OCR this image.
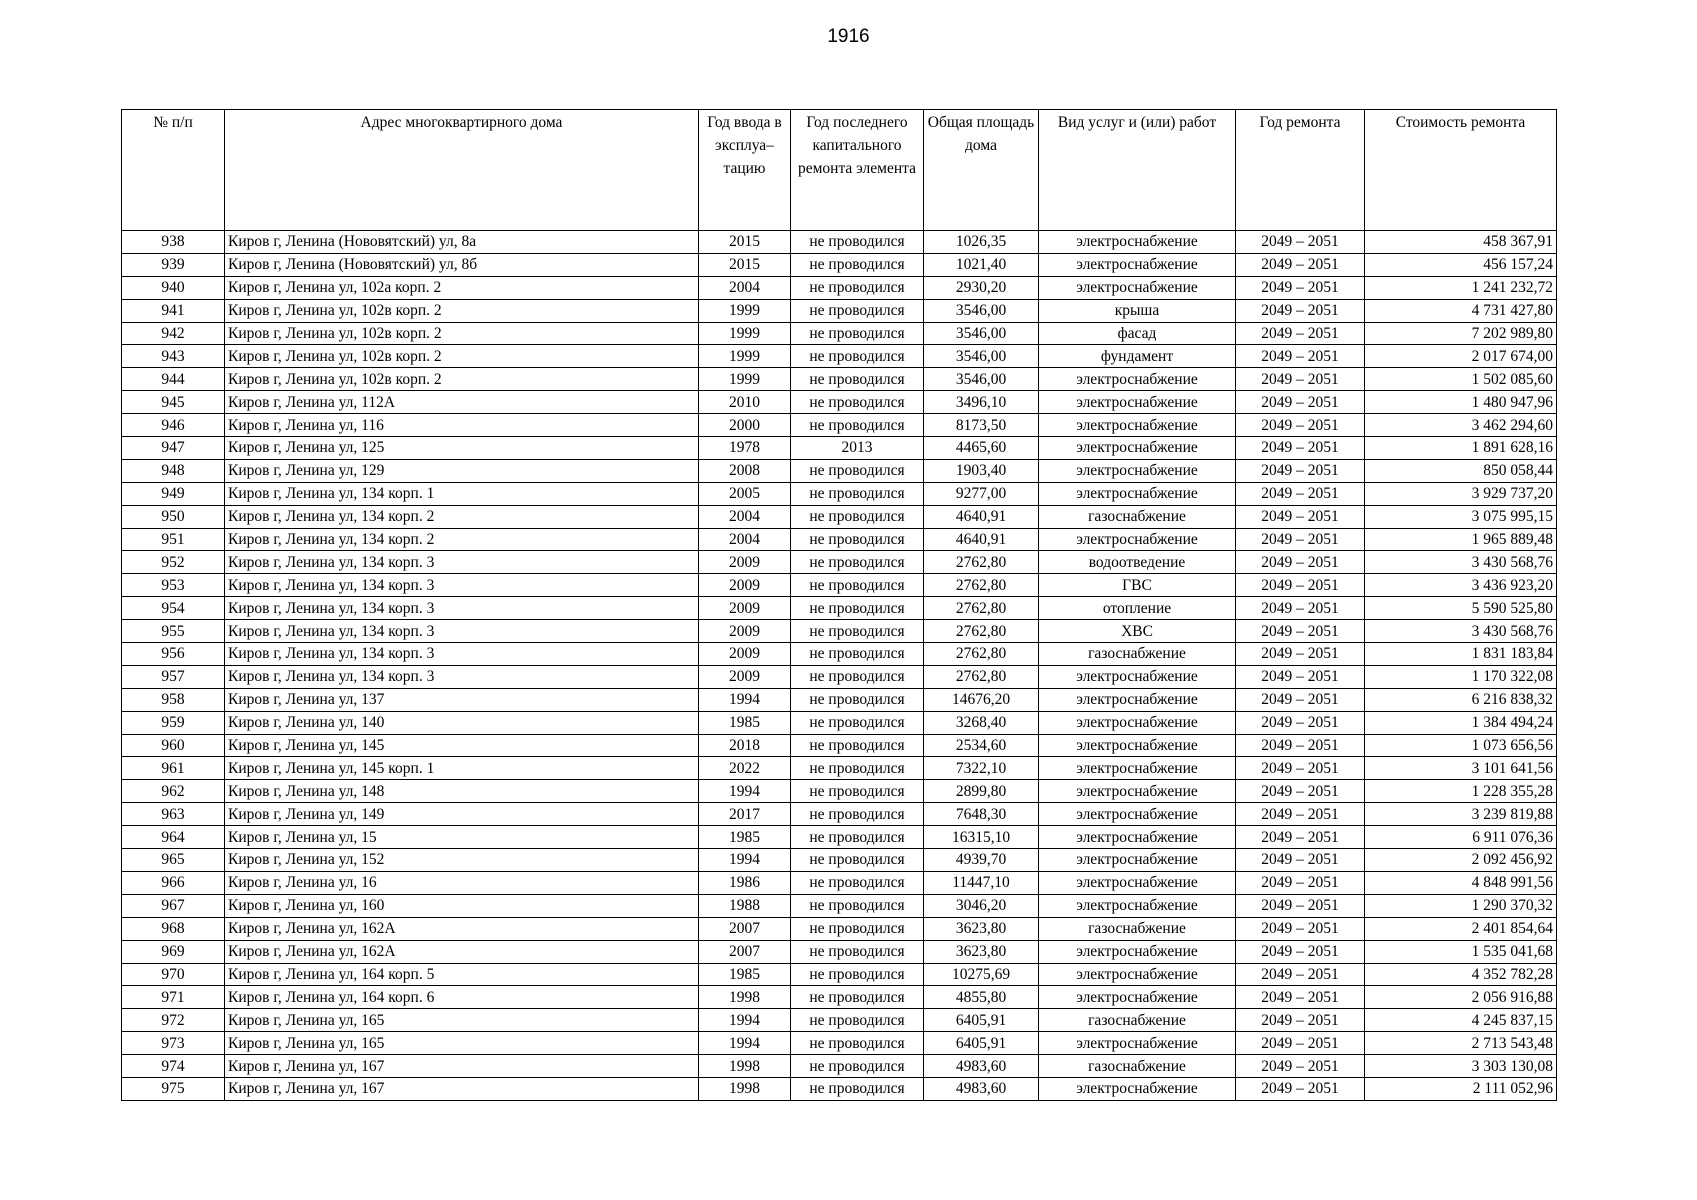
1916
№ п/п	Адрес многоквартирного дома	Год ввода в эксплуа–тацию	Год последнего капитального ремонта элемента	Общая площадь дома	Вид услуг и (или) работ	Год ремонта	Стоимость ремонта
938	Киров г, Ленина (Нововятский) ул, 8а	2015	не проводился	1026,35	электроснабжение	2049 – 2051	458 367,91
939	Киров г, Ленина (Нововятский) ул, 8б	2015	не проводился	1021,40	электроснабжение	2049 – 2051	456 157,24
940	Киров г, Ленина ул, 102а корп. 2	2004	не проводился	2930,20	электроснабжение	2049 – 2051	1 241 232,72
941	Киров г, Ленина ул, 102в корп. 2	1999	не проводился	3546,00	крыша	2049 – 2051	4 731 427,80
942	Киров г, Ленина ул, 102в корп. 2	1999	не проводился	3546,00	фасад	2049 – 2051	7 202 989,80
943	Киров г, Ленина ул, 102в корп. 2	1999	не проводился	3546,00	фундамент	2049 – 2051	2 017 674,00
944	Киров г, Ленина ул, 102в корп. 2	1999	не проводился	3546,00	электроснабжение	2049 – 2051	1 502 085,60
945	Киров г, Ленина ул, 112А	2010	не проводился	3496,10	электроснабжение	2049 – 2051	1 480 947,96
946	Киров г, Ленина ул, 116	2000	не проводился	8173,50	электроснабжение	2049 – 2051	3 462 294,60
947	Киров г, Ленина ул, 125	1978	2013	4465,60	электроснабжение	2049 – 2051	1 891 628,16
948	Киров г, Ленина ул, 129	2008	не проводился	1903,40	электроснабжение	2049 – 2051	850 058,44
949	Киров г, Ленина ул, 134 корп. 1	2005	не проводился	9277,00	электроснабжение	2049 – 2051	3 929 737,20
950	Киров г, Ленина ул, 134 корп. 2	2004	не проводился	4640,91	газоснабжение	2049 – 2051	3 075 995,15
951	Киров г, Ленина ул, 134 корп. 2	2004	не проводился	4640,91	электроснабжение	2049 – 2051	1 965 889,48
952	Киров г, Ленина ул, 134 корп. 3	2009	не проводился	2762,80	водоотведение	2049 – 2051	3 430 568,76
953	Киров г, Ленина ул, 134 корп. 3	2009	не проводился	2762,80	ГВС	2049 – 2051	3 436 923,20
954	Киров г, Ленина ул, 134 корп. 3	2009	не проводился	2762,80	отопление	2049 – 2051	5 590 525,80
955	Киров г, Ленина ул, 134 корп. 3	2009	не проводился	2762,80	ХВС	2049 – 2051	3 430 568,76
956	Киров г, Ленина ул, 134 корп. 3	2009	не проводился	2762,80	газоснабжение	2049 – 2051	1 831 183,84
957	Киров г, Ленина ул, 134 корп. 3	2009	не проводился	2762,80	электроснабжение	2049 – 2051	1 170 322,08
958	Киров г, Ленина ул, 137	1994	не проводился	14676,20	электроснабжение	2049 – 2051	6 216 838,32
959	Киров г, Ленина ул, 140	1985	не проводился	3268,40	электроснабжение	2049 – 2051	1 384 494,24
960	Киров г, Ленина ул, 145	2018	не проводился	2534,60	электроснабжение	2049 – 2051	1 073 656,56
961	Киров г, Ленина ул, 145 корп. 1	2022	не проводился	7322,10	электроснабжение	2049 – 2051	3 101 641,56
962	Киров г, Ленина ул, 148	1994	не проводился	2899,80	электроснабжение	2049 – 2051	1 228 355,28
963	Киров г, Ленина ул, 149	2017	не проводился	7648,30	электроснабжение	2049 – 2051	3 239 819,88
964	Киров г, Ленина ул, 15	1985	не проводился	16315,10	электроснабжение	2049 – 2051	6 911 076,36
965	Киров г, Ленина ул, 152	1994	не проводился	4939,70	электроснабжение	2049 – 2051	2 092 456,92
966	Киров г, Ленина ул, 16	1986	не проводился	11447,10	электроснабжение	2049 – 2051	4 848 991,56
967	Киров г, Ленина ул, 160	1988	не проводился	3046,20	электроснабжение	2049 – 2051	1 290 370,32
968	Киров г, Ленина ул, 162А	2007	не проводился	3623,80	газоснабжение	2049 – 2051	2 401 854,64
969	Киров г, Ленина ул, 162А	2007	не проводился	3623,80	электроснабжение	2049 – 2051	1 535 041,68
970	Киров г, Ленина ул, 164 корп. 5	1985	не проводился	10275,69	электроснабжение	2049 – 2051	4 352 782,28
971	Киров г, Ленина ул, 164 корп. 6	1998	не проводился	4855,80	электроснабжение	2049 – 2051	2 056 916,88
972	Киров г, Ленина ул, 165	1994	не проводился	6405,91	газоснабжение	2049 – 2051	4 245 837,15
973	Киров г, Ленина ул, 165	1994	не проводился	6405,91	электроснабжение	2049 – 2051	2 713 543,48
974	Киров г, Ленина ул, 167	1998	не проводился	4983,60	газоснабжение	2049 – 2051	3 303 130,08
975	Киров г, Ленина ул, 167	1998	не проводился	4983,60	электроснабжение	2049 – 2051	2 111 052,96
